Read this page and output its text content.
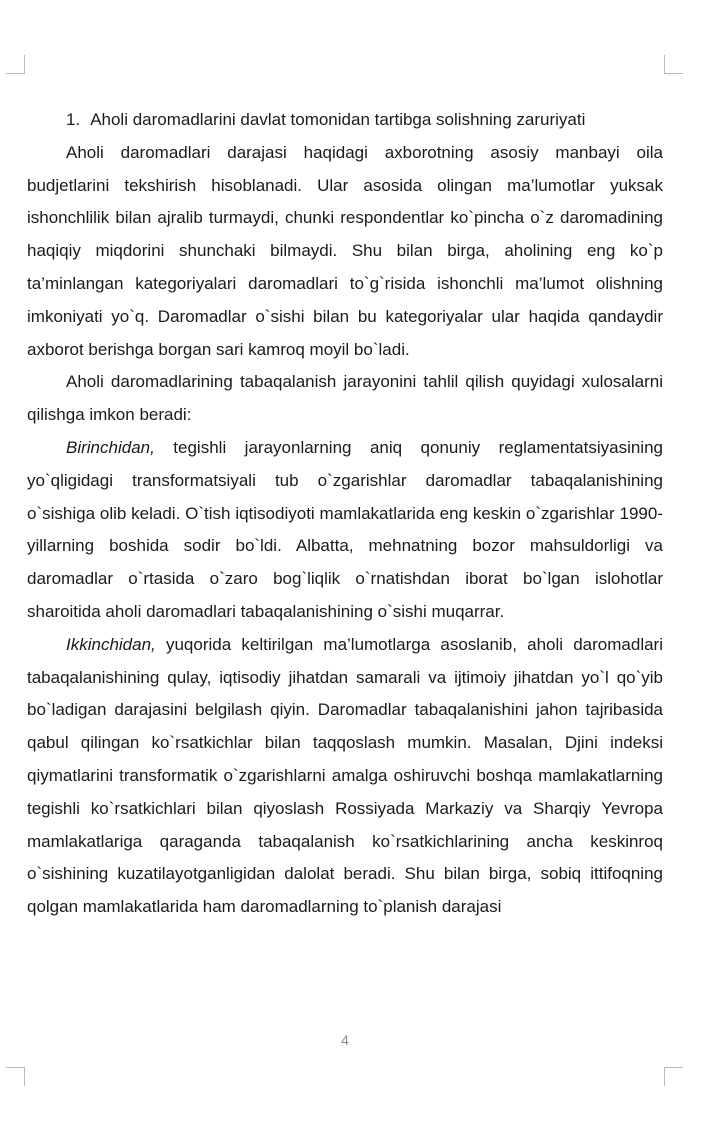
1. Aholi daromadlarini davlat tomonidan tartibga solishning zaruriyati

Aholi daromadlari darajasi haqidagi axborotning asosiy manbayi oila budjetlarini tekshirish hisoblanadi. Ular asosida olingan ma’lumotlar yuksak ishonchlilik bilan ajralib turmaydi, chunki respondentlar ko`pincha o`z daromadining haqiqiy miqdorini shunchaki bilmaydi. Shu bilan birga, aholining eng ko`p ta’minlangan kategoriyalari daromadlari to`g`risida ishonchli ma’lumot olishning imkoniyati yo`q. Daromadlar o`sishi bilan bu kategoriyalar ular haqida qandaydir axborot berishga borgan sari kamroq moyil bo`ladi.

Aholi daromadlarining tabaqalanish jarayonini tahlil qilish quyidagi xulosalarni qilishga imkon beradi:

Birinchidan, tegishli jarayonlarning aniq qonuniy reglamentatsiyasining yo`qligidagi transformatsiyali tub o`zgarishlar daromadlar tabaqalanishining o`sishiga olib keladi. O`tish iqtisodiyoti mamlakatlarida eng keskin o`zgarishlar 1990-yillarning boshida sodir bo`ldi. Albatta, mehnatning bozor mahsuldorligi va daromadlar o`rtasida o`zaro bog`liqlik o`rnatishdan iborat bo`lgan islohotlar sharoitida aholi daromadlari tabaqalanishining o`sishi muqarrar.

Ikkinchidan, yuqorida keltirilgan ma’lumotlarga asoslanib, aholi daromadlari tabaqalanishining qulay, iqtisodiy jihatdan samarali va ijtimoiy jihatdan yo`l qo`yib bo`ladigan darajasini belgilash qiyin. Daromadlar tabaqalanishini jahon tajribasida qabul qilingan ko`rsatkichlar bilan taqqoslash mumkin. Masalan, Djini indeksi qiymatlarini transformatik o`zgarishlarni amalga oshiruvchi boshqa mamlakatlarning tegishli ko`rsatkichlari bilan qiyoslash Rossiyada Markaziy va Sharqiy Yevropa mamlakatlariga qaraganda tabaqalanish ko`rsatkichlarining ancha keskinroq o`sishining kuzatilayotganligidan dalolat beradi. Shu bilan birga, sobiq ittifoqning qolgan mamlakatlarida ham daromadlarning to`planish darajasi

4
